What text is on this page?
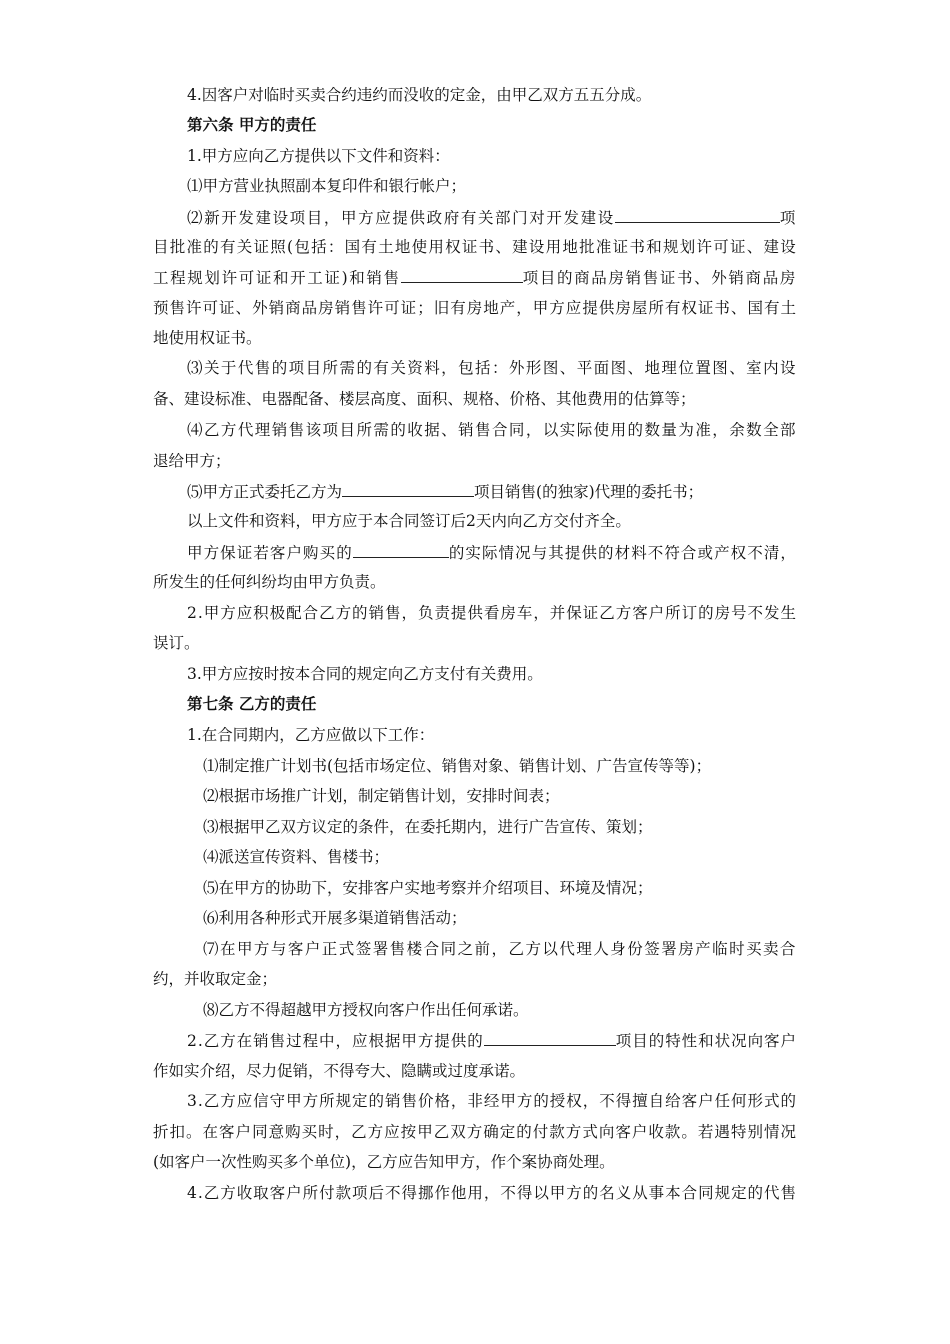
4.因客户对临时买卖合约违约而没收的定金，由甲乙双方五五分成。
第六条 甲方的责任
1.甲方应向乙方提供以下文件和资料：
⑴甲方营业执照副本复印件和银行帐户；
⑵新开发建设项目，甲方应提供政府有关部门对开发建设	项
目批准的有关证照(包括：国有土地使用权证书、建设用地批准证书和规划许可证、建设
工程规划许可证和开工证)和销售	项目的商品房销售证书、外销商品房
预售许可证、外销商品房销售许可证；旧有房地产，甲方应提供房屋所有权证书、国有土
地使用权证书。
⑶关于代售的项目所需的有关资料，包括：外形图、平面图、地理位置图、室内设
备、建设标准、电器配备、楼层高度、面积、规格、价格、其他费用的估算等；
⑷乙方代理销售该项目所需的收据、销售合同，以实际使用的数量为准，余数全部
退给甲方；
⑸甲方正式委托乙方为	项目销售(的独家)代理的委托书；
以上文件和资料，甲方应于本合同签订后2天内向乙方交付齐全。
甲方保证若客户购买的	的实际情况与其提供的材料不符合或产权不清，
所发生的任何纠纷均由甲方负责。
2.甲方应积极配合乙方的销售，负责提供看房车，并保证乙方客户所订的房号不发生
误订。
3.甲方应按时按本合同的规定向乙方支付有关费用。
第七条 乙方的责任
1.在合同期内，乙方应做以下工作：
⑴制定推广计划书(包括市场定位、销售对象、销售计划、广告宣传等等)；
⑵根据市场推广计划，制定销售计划，安排时间表；
⑶根据甲乙双方议定的条件，在委托期内，进行广告宣传、策划；
⑷派送宣传资料、售楼书；
⑸在甲方的协助下，安排客户实地考察并介绍项目、环境及情况；
⑹利用各种形式开展多渠道销售活动；
⑺在甲方与客户正式签署售楼合同之前，乙方以代理人身份签署房产临时买卖合
约，并收取定金；
⑻乙方不得超越甲方授权向客户作出任何承诺。
2.乙方在销售过程中，应根据甲方提供的	项目的特性和状况向客户
作如实介绍，尽力促销，不得夸大、隐瞒或过度承诺。
3.乙方应信守甲方所规定的销售价格，非经甲方的授权，不得擅自给客户任何形式的
折扣。在客户同意购买时，乙方应按甲乙双方确定的付款方式向客户收款。若遇特别情况
(如客户一次性购买多个单位)，乙方应告知甲方，作个案协商处理。
4.乙方收取客户所付款项后不得挪作他用，不得以甲方的名义从事本合同规定的代售
